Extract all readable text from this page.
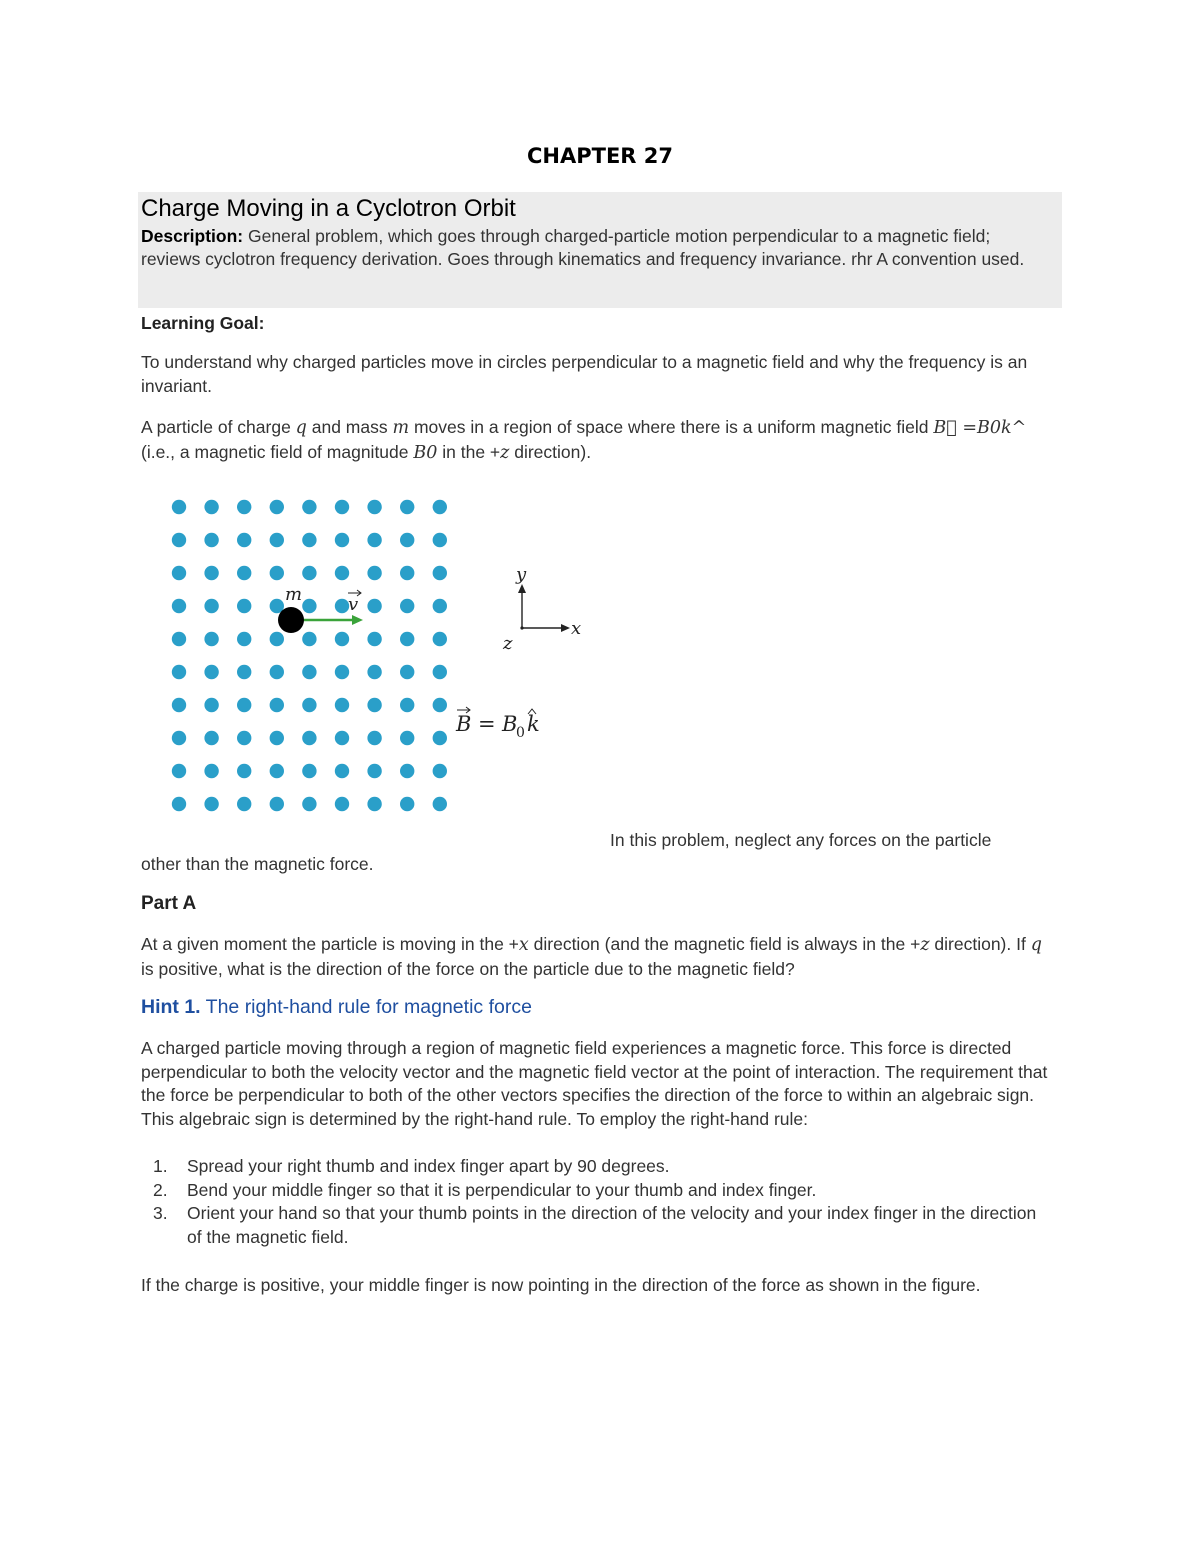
CHAPTER 27
Charge Moving in a Cyclotron Orbit
Description: General problem, which goes through charged-particle motion perpendicular to a magnetic field; reviews cyclotron frequency derivation. Goes through kinematics and frequency invariance. rhr A convention used.
Learning Goal:
To understand why charged particles move in circles perpendicular to a magnetic field and why the frequency is an invariant.
A particle of charge q and mass m moves in a region of space where there is a uniform magnetic field B⃗ =B0k^ (i.e., a magnetic field of magnitude B0 in the +z direction).
m	v
y
x
z
B = B
0 k
In this problem, neglect any forces on the particle
other than the magnetic force.
Part A
At a given moment the particle is moving in the +x direction (and the magnetic field is always in the +z direction). If q is positive, what is the direction of the force on the particle due to the magnetic field?
Hint 1. The right-hand rule for magnetic force
A charged particle moving through a region of magnetic field experiences a magnetic force. This force is directed perpendicular to both the velocity vector and the magnetic field vector at the point of interaction. The requirement that the force be perpendicular to both of the other vectors specifies the direction of the force to within an algebraic sign. This algebraic sign is determined by the right-hand rule. To employ the right-hand rule:
1. Spread your right thumb and index finger apart by 90 degrees.
2. Bend your middle finger so that it is perpendicular to your thumb and index finger.
3. Orient your hand so that your thumb points in the direction of the velocity and your index finger in the direction of the magnetic field.
If the charge is positive, your middle finger is now pointing in the direction of the force as shown in the figure.
